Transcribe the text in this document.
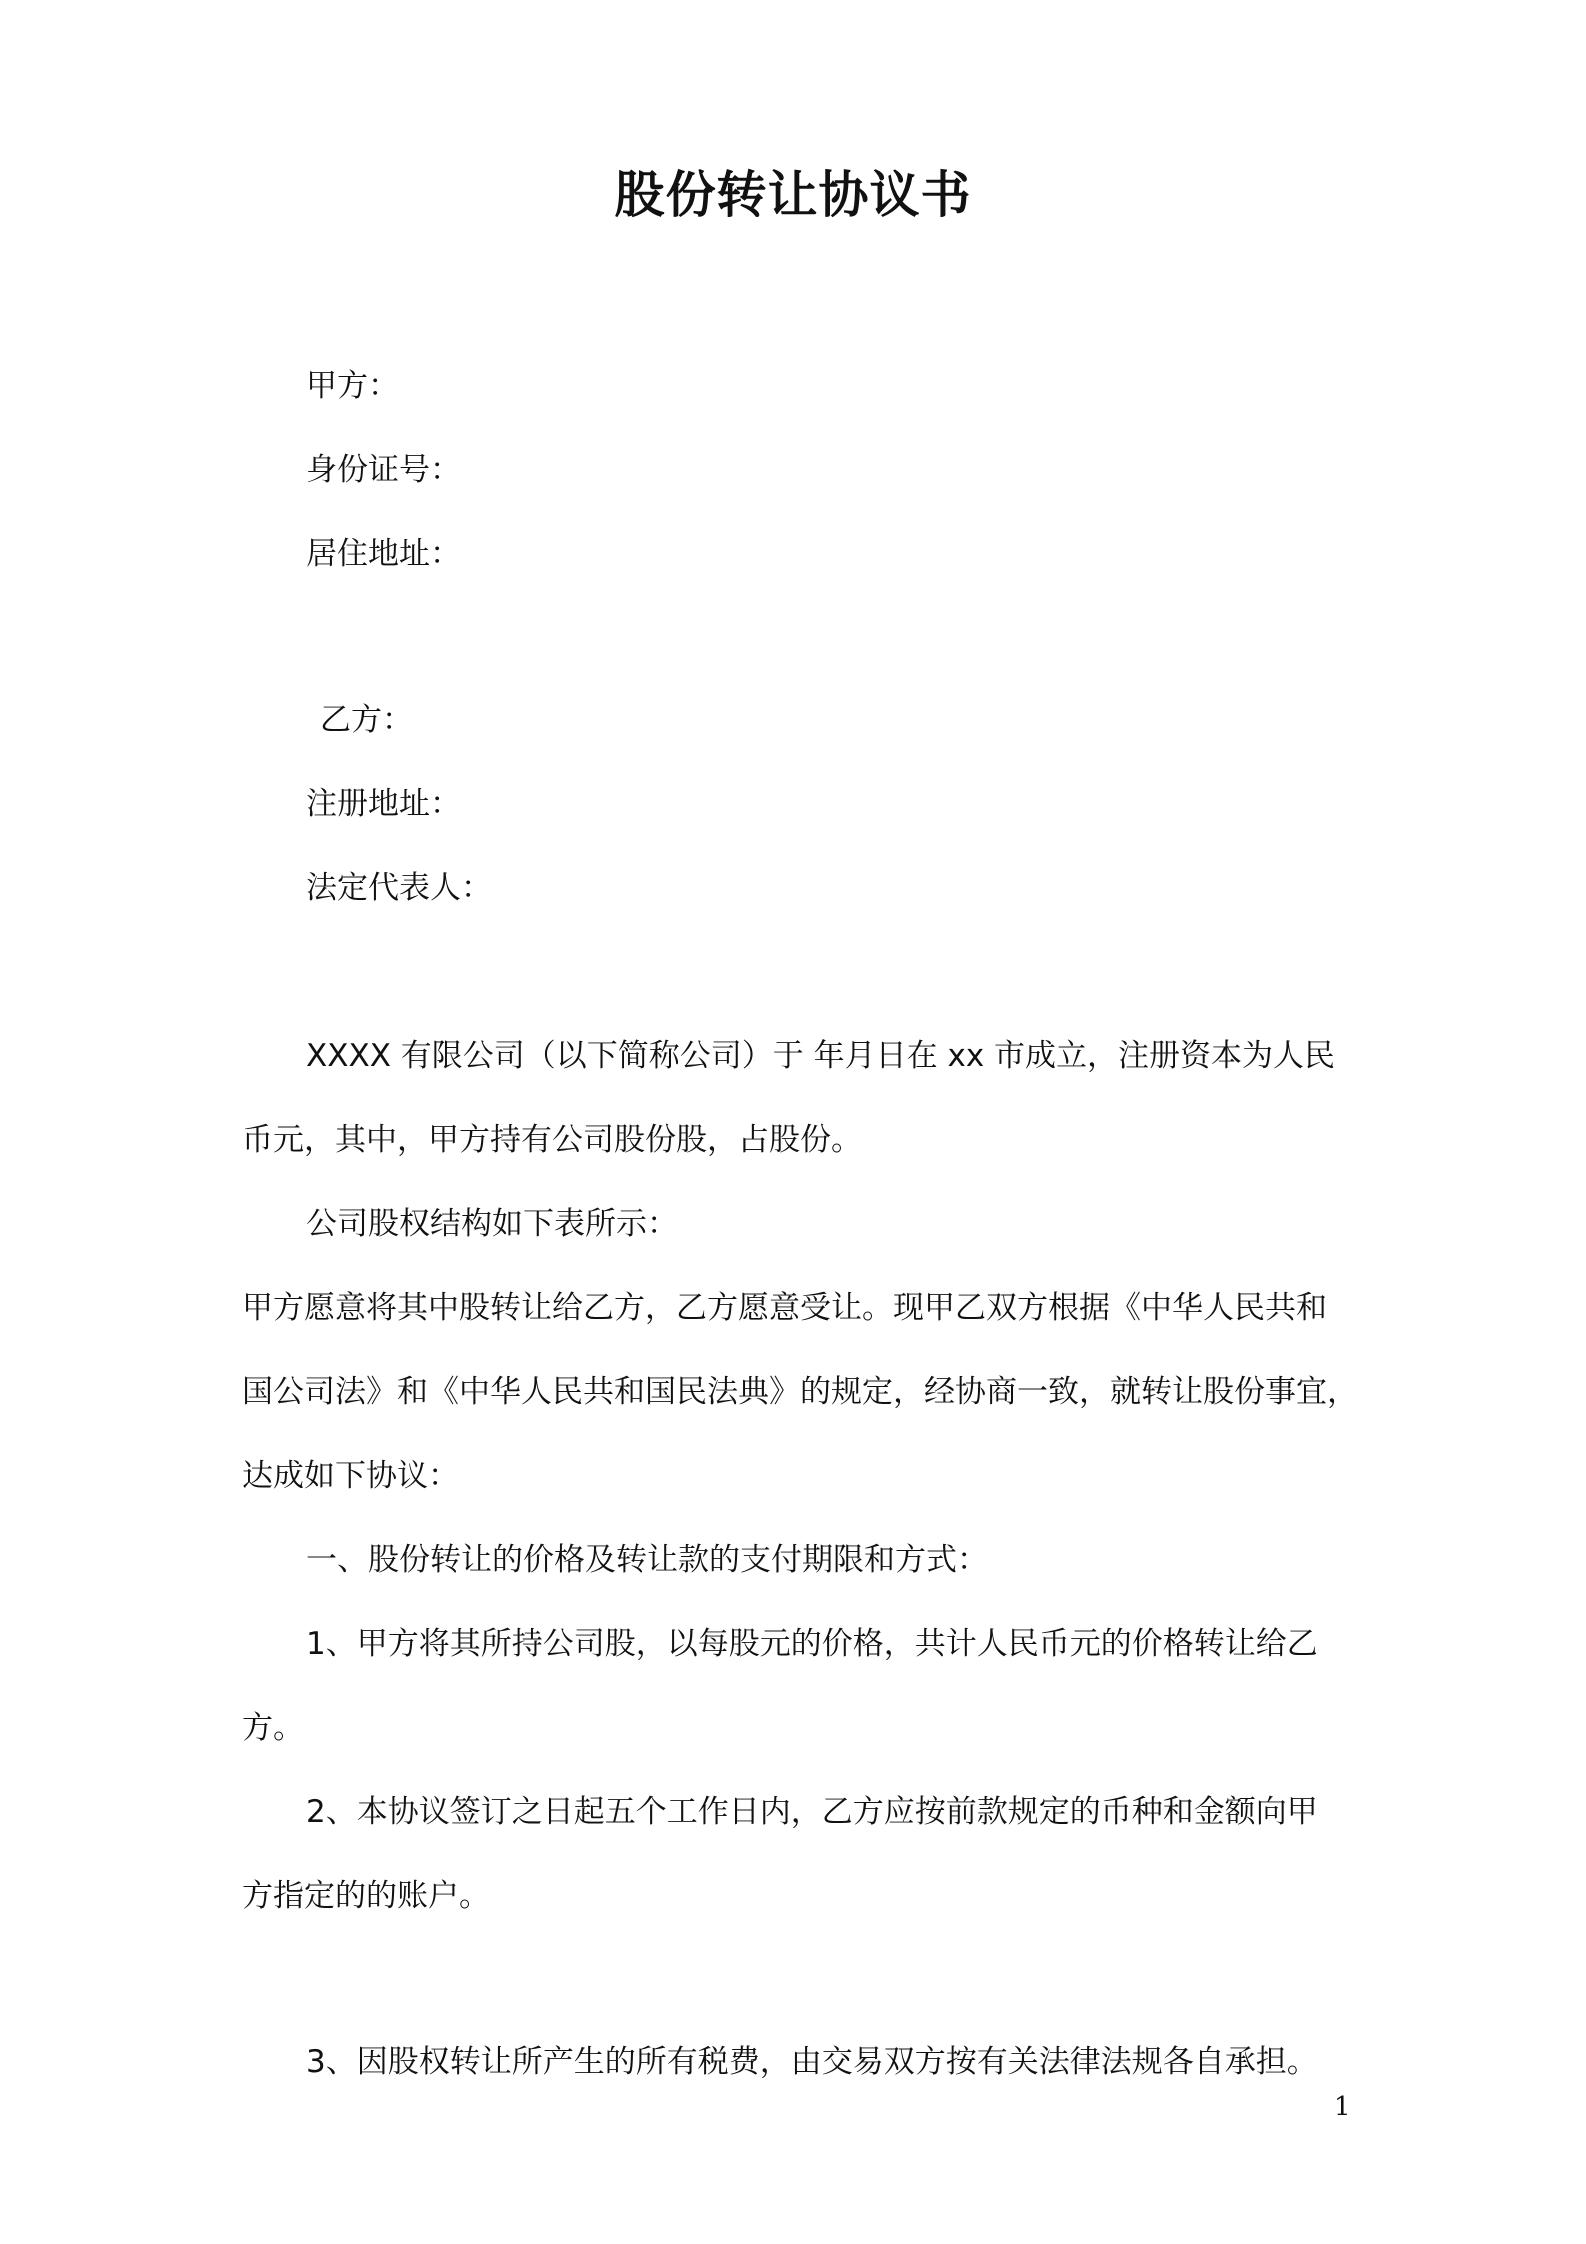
股份转让协议书
甲方：
身份证号：
居住地址：
乙方：
注册地址：
法定代表人：
XXXX 有限公司（以下简称公司）于 年月日在 xx 市成立，注册资本为人民
币元，其中，甲方持有公司股份股，占股份。
公司股权结构如下表所示：
甲方愿意将其中股转让给乙方，乙方愿意受让。现甲乙双方根据《中华人民共和
国公司法》和《中华人民共和国民法典》的规定，经协商一致，就转让股份事宜，
达成如下协议：
一、股份转让的价格及转让款的支付期限和方式：
1、甲方将其所持公司股，以每股元的价格，共计人民币元的价格转让给乙
方。
2、本协议签订之日起五个工作日内，乙方应按前款规定的币种和金额向甲
方指定的的账户。
3、因股权转让所产生的所有税费，由交易双方按有关法律法规各自承担。
1
